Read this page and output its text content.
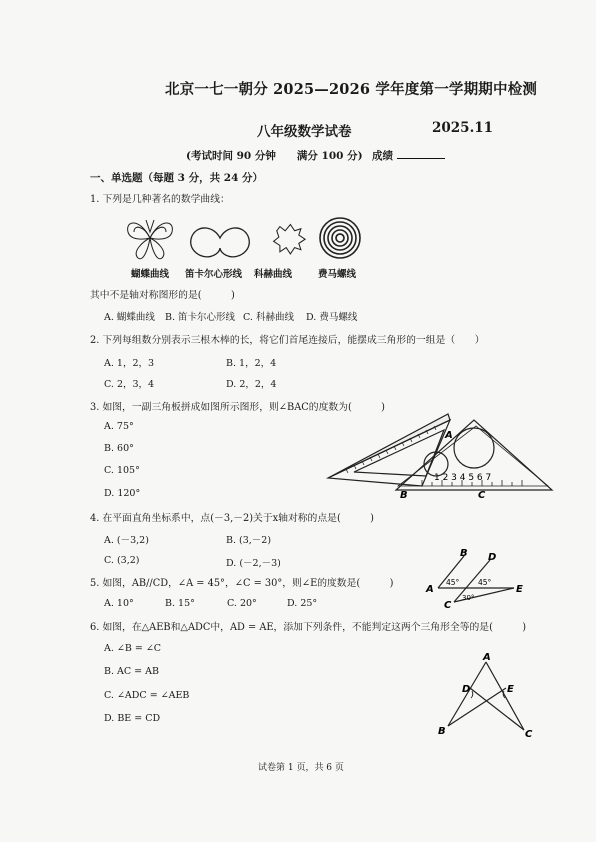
北京一七一朝分 2025—2026 学年度第一学期期中检测
八年级数学试卷	2025.11
(考试时间 90 分钟　　满分 100 分) 成绩
一、单选题（每题 3 分，共 24 分）
1. 下列是几种著名的数学曲线：
蝴蝶曲线 笛卡尔心形线 科赫曲线	费马螺线
其中不是轴对称图形的是(　　　)
A. 蝴蝶曲线 B. 笛卡尔心形线 C. 科赫曲线 D. 费马螺线
2. 下列每组数分别表示三根木棒的长，将它们首尾连接后，能摆成三角形的一组是（　　）
A. 1，2，3	B. 1，2，4
C. 2，3，4	D. 2，2，4
3. 如图，一副三角板拼成如图所示图形，则∠BAC的度数为(　　　)
A. 75°
B. 60°
C. 105°
D. 120°
A
B	C
1 2 3 4 5 6 7
4. 在平面直角坐标系中，点(－3,－2)关于x轴对称的点是(　　　)
A. (－3,2)	B. (3,－2)
C. (3,2)	D. (－2,－3)
5. 如图，AB//CD，∠A = 45°，∠C = 30°，则∠E的度数是(　　　)
A. 10°	B. 15°	C. 20°	D. 25°
B D
A	E
C
45° 45°
30°
6. 如图，在△AEB和△ADC中，AD = AE，添加下列条件，不能判定这两个三角形全等的是(　　　)
A. ∠B = ∠C
B. AC = AB
C. ∠ADC = ∠AEB
D. BE = CD
A
D	E
B	C
试卷第 1 页，共 6 页
